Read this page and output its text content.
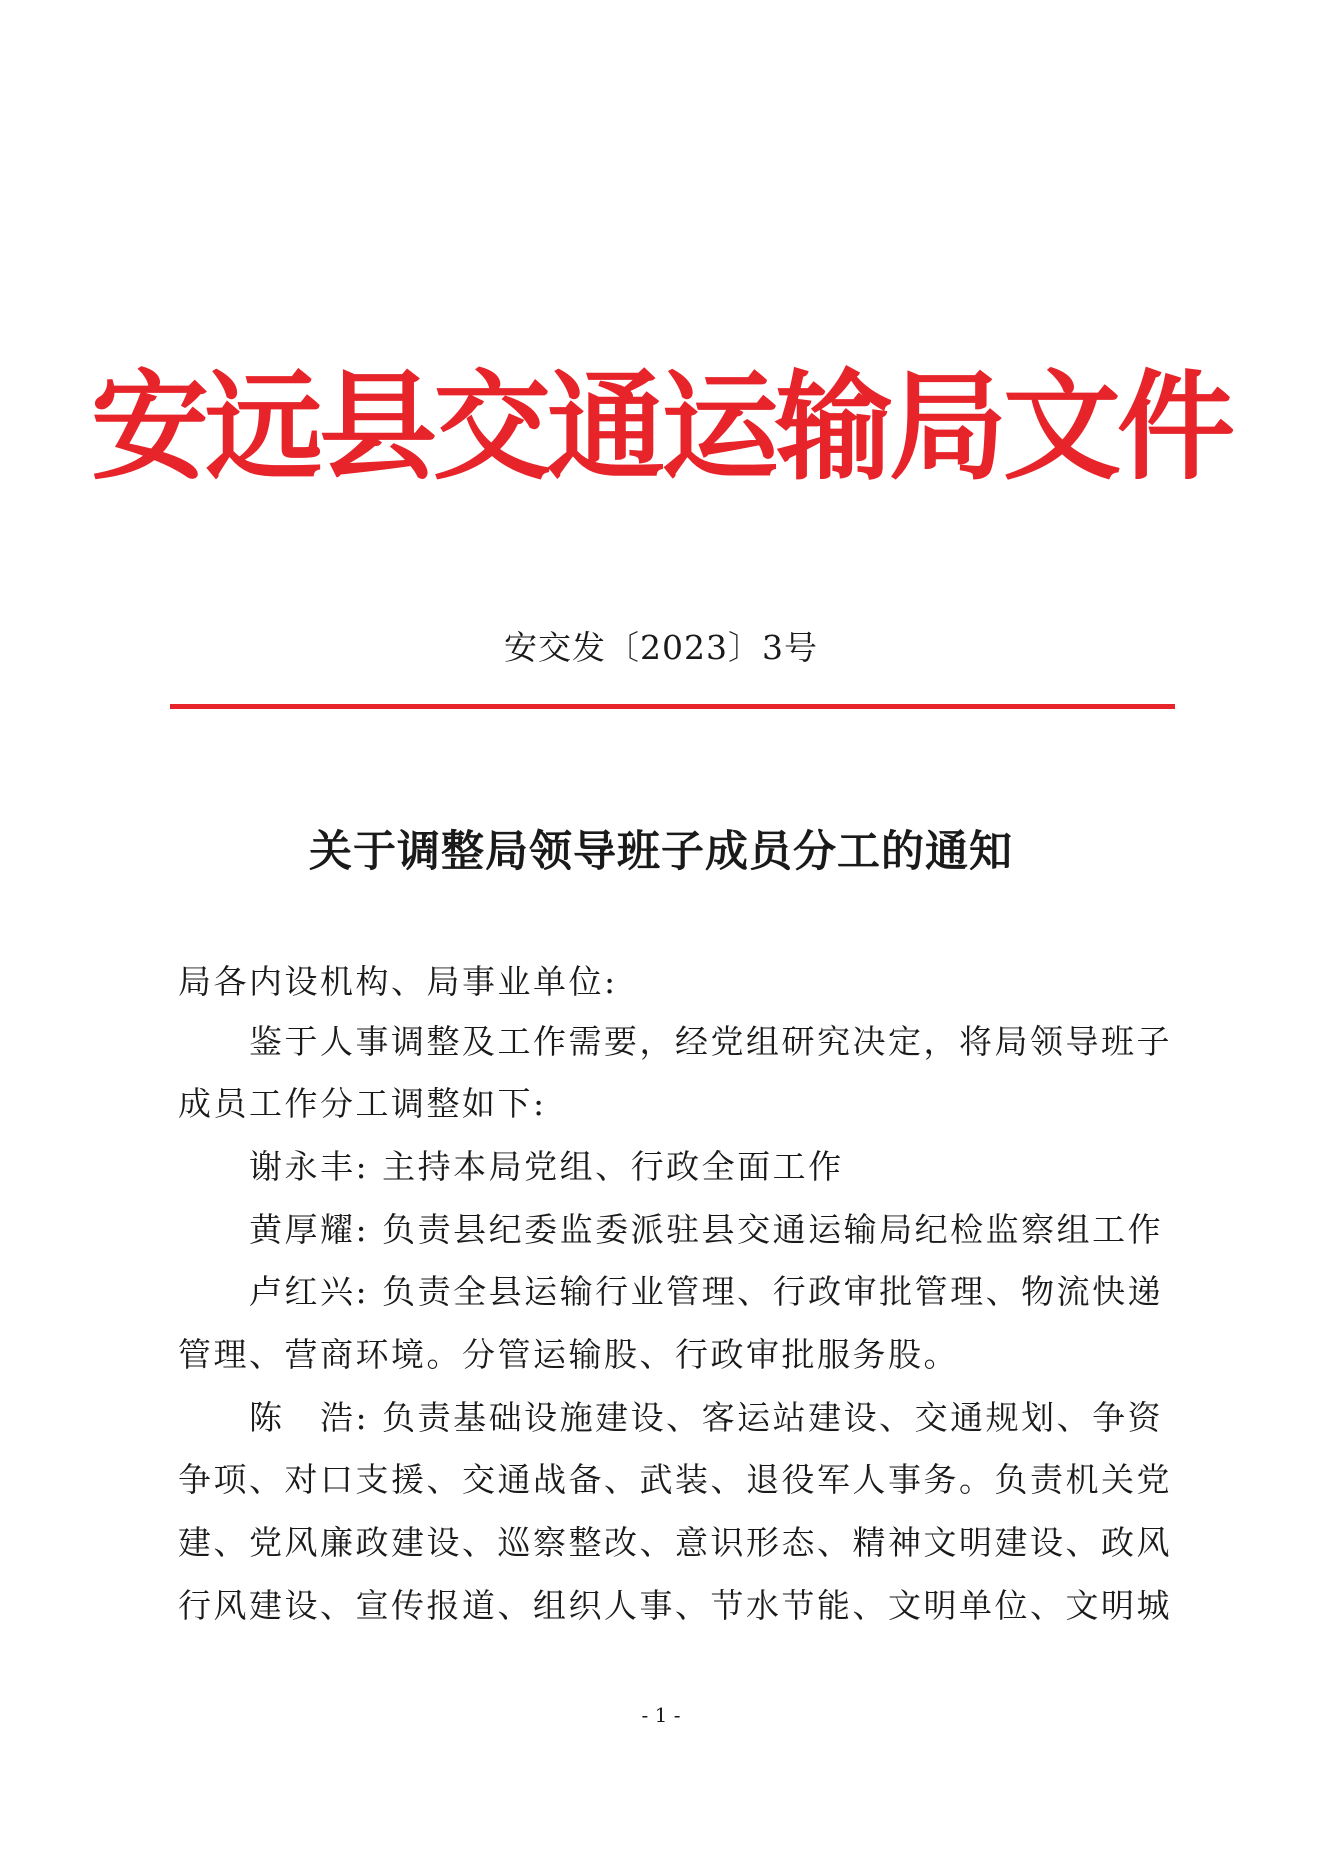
安远县交通运输局文件
安交发〔2023〕3号
关于调整局领导班子成员分工的通知
局各内设机构、局事业单位:
鉴于人事调整及工作需要，经党组研究决定，将局领导班子
成员工作分工调整如下:
谢永丰: 主持本局党组、行政全面工作
黄厚耀: 负责县纪委监委派驻县交通运输局纪检监察组工作
卢红兴: 负责全县运输行业管理、行政审批管理、物流快递
管理、营商环境。分管运输股、行政审批服务股。
陈　浩: 负责基础设施建设、客运站建设、交通规划、争资
争项、对口支援、交通战备、武装、退役军人事务。负责机关党
建、党风廉政建设、巡察整改、意识形态、精神文明建设、政风
行风建设、宣传报道、组织人事、节水节能、文明单位、文明城
- 1 -
